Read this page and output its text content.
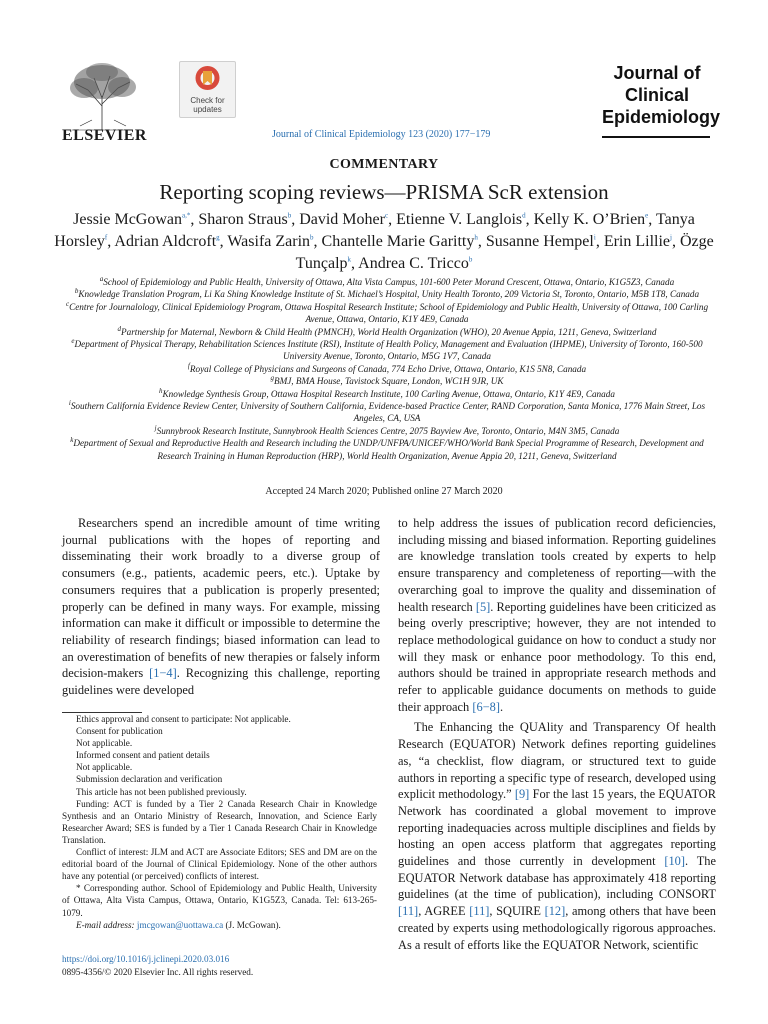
ELSEVIER
Check for updates
Journal of Clinical Epidemiology 123 (2020) 177−179
Journal of
Clinical
Epidemiology
COMMENTARY
Reporting scoping reviews—PRISMA ScR extension
Jessie McGowan$^{a,*}$, Sharon Straus$^b$, David Moher$^c$, Etienne V. Langlois$^d$, Kelly K. O’Brien$^e$, Tanya Horsley$^f$, Adrian Aldcroft$^g$, Wasifa Zarin$^b$, Chantelle Marie Garitty$^h$, Susanne Hempel$^i$, Erin Lillie$^j$, Özge Tunçalp$^k$, Andrea C. Tricco$^b$
$^a$School of Epidemiology and Public Health, University of Ottawa, Alta Vista Campus, 101-600 Peter Morand Crescent, Ottawa, Ontario, K1G5Z3, Canada
$^b$Knowledge Translation Program, Li Ka Shing Knowledge Institute of St. Michael’s Hospital, Unity Health Toronto, 209 Victoria St, Toronto, Ontario, M5B 1T8, Canada
$^c$Centre for Journalology, Clinical Epidemiology Program, Ottawa Hospital Research Institute; School of Epidemiology and Public Health, University of Ottawa, 100 Carling Avenue, Ottawa, Ontario, K1Y 4E9, Canada
$^d$Partnership for Maternal, Newborn & Child Health (PMNCH), World Health Organization (WHO), 20 Avenue Appia, 1211, Geneva, Switzerland
$^e$Department of Physical Therapy, Rehabilitation Sciences Institute (RSI), Institute of Health Policy, Management and Evaluation (IHPME), University of Toronto, 160-500 University Avenue, Toronto, Ontario, M5G 1V7, Canada
$^f$Royal College of Physicians and Surgeons of Canada, 774 Echo Drive, Ottawa, Ontario, K1S 5N8, Canada
$^g$BMJ, BMA House, Tavistock Square, London, WC1H 9JR, UK
$^h$Knowledge Synthesis Group, Ottawa Hospital Research Institute, 100 Carling Avenue, Ottawa, Ontario, K1Y 4E9, Canada
$^i$Southern California Evidence Review Center, University of Southern California, Evidence-based Practice Center, RAND Corporation, Santa Monica, 1776 Main Street, Los Angeles, CA, USA
$^j$Sunnybrook Research Institute, Sunnybrook Health Sciences Centre, 2075 Bayview Ave, Toronto, Ontario, M4N 3M5, Canada
$^k$Department of Sexual and Reproductive Health and Research including the UNDP/UNFPA/UNICEF/WHO/World Bank Special Programme of Research, Development and Research Training in Human Reproduction (HRP), World Health Organization, Avenue Appia 20, 1211, Geneva, Switzerland
Accepted 24 March 2020; Published online 27 March 2020

Researchers spend an incredible amount of time writing journal publications with the hopes of reporting and disseminating their work broadly to a diverse group of consumers (e.g., patients, academic peers, etc.). Uptake by consumers requires that a publication is properly presented; properly can be defined in many ways. For example, missing information can make it difficult or impossible to determine the reliability of research findings; biased information can lead to an overestimation of benefits of new therapies or falsely inform decision-makers [1−4]. Recognizing this challenge, reporting guidelines were developed

Ethics approval and consent to participate: Not applicable.

Consent for publication

Not applicable.

Informed consent and patient details

Not applicable.

Submission declaration and verification

This article has not been published previously.

Funding: ACT is funded by a Tier 2 Canada Research Chair in Knowledge Synthesis and an Ontario Ministry of Research, Innovation, and Science Early Researcher Award; SES is funded by a Tier 1 Canada Research Chair in Knowledge Translation.

Conflict of interest: JLM and ACT are Associate Editors; SES and DM are on the editorial board of the Journal of Clinical Epidemiology. None of the other authors have any potential (or perceived) conflicts of interest.

* Corresponding author. School of Epidemiology and Public Health, University of Ottawa, Alta Vista Campus, Ottawa, Ontario, K1G5Z3, Canada. Tel: 613-265-1079.

E-mail address: jmcgowan@uottawa.ca (J. McGowan).

https://doi.org/10.1016/j.jclinepi.2020.03.016
0895-4356/© 2020 Elsevier Inc. All rights reserved.

to help address the issues of publication record deficiencies, including missing and biased information. Reporting guidelines are knowledge translation tools created by experts to help ensure transparency and completeness of reporting—with the overarching goal to improve the quality and dissemination of health research [5]. Reporting guidelines have been criticized as being overly prescriptive; however, they are not intended to replace methodological guidance on how to conduct a study nor will they mask or enhance poor methodology. To this end, authors should be trained in appropriate research methods and refer to applicable guidance documents on methods to guide their approach [6−8].

The Enhancing the QUAlity and Transparency Of health Research (EQUATOR) Network defines reporting guidelines as, “a checklist, flow diagram, or structured text to guide authors in reporting a specific type of research, developed using explicit methodology.” [9] For the last 15 years, the EQUATOR Network has coordinated a global movement to improve reporting inadequacies across multiple disciplines and fields by hosting an open access platform that aggregates reporting guidelines and those currently in development [10]. The EQUATOR Network database has approximately 418 reporting guidelines (at the time of publication), including CONSORT [11], AGREE [11], SQUIRE [12], among others that have been created by experts using methodologically rigorous approaches. As a result of efforts like the EQUATOR Network, scientific
